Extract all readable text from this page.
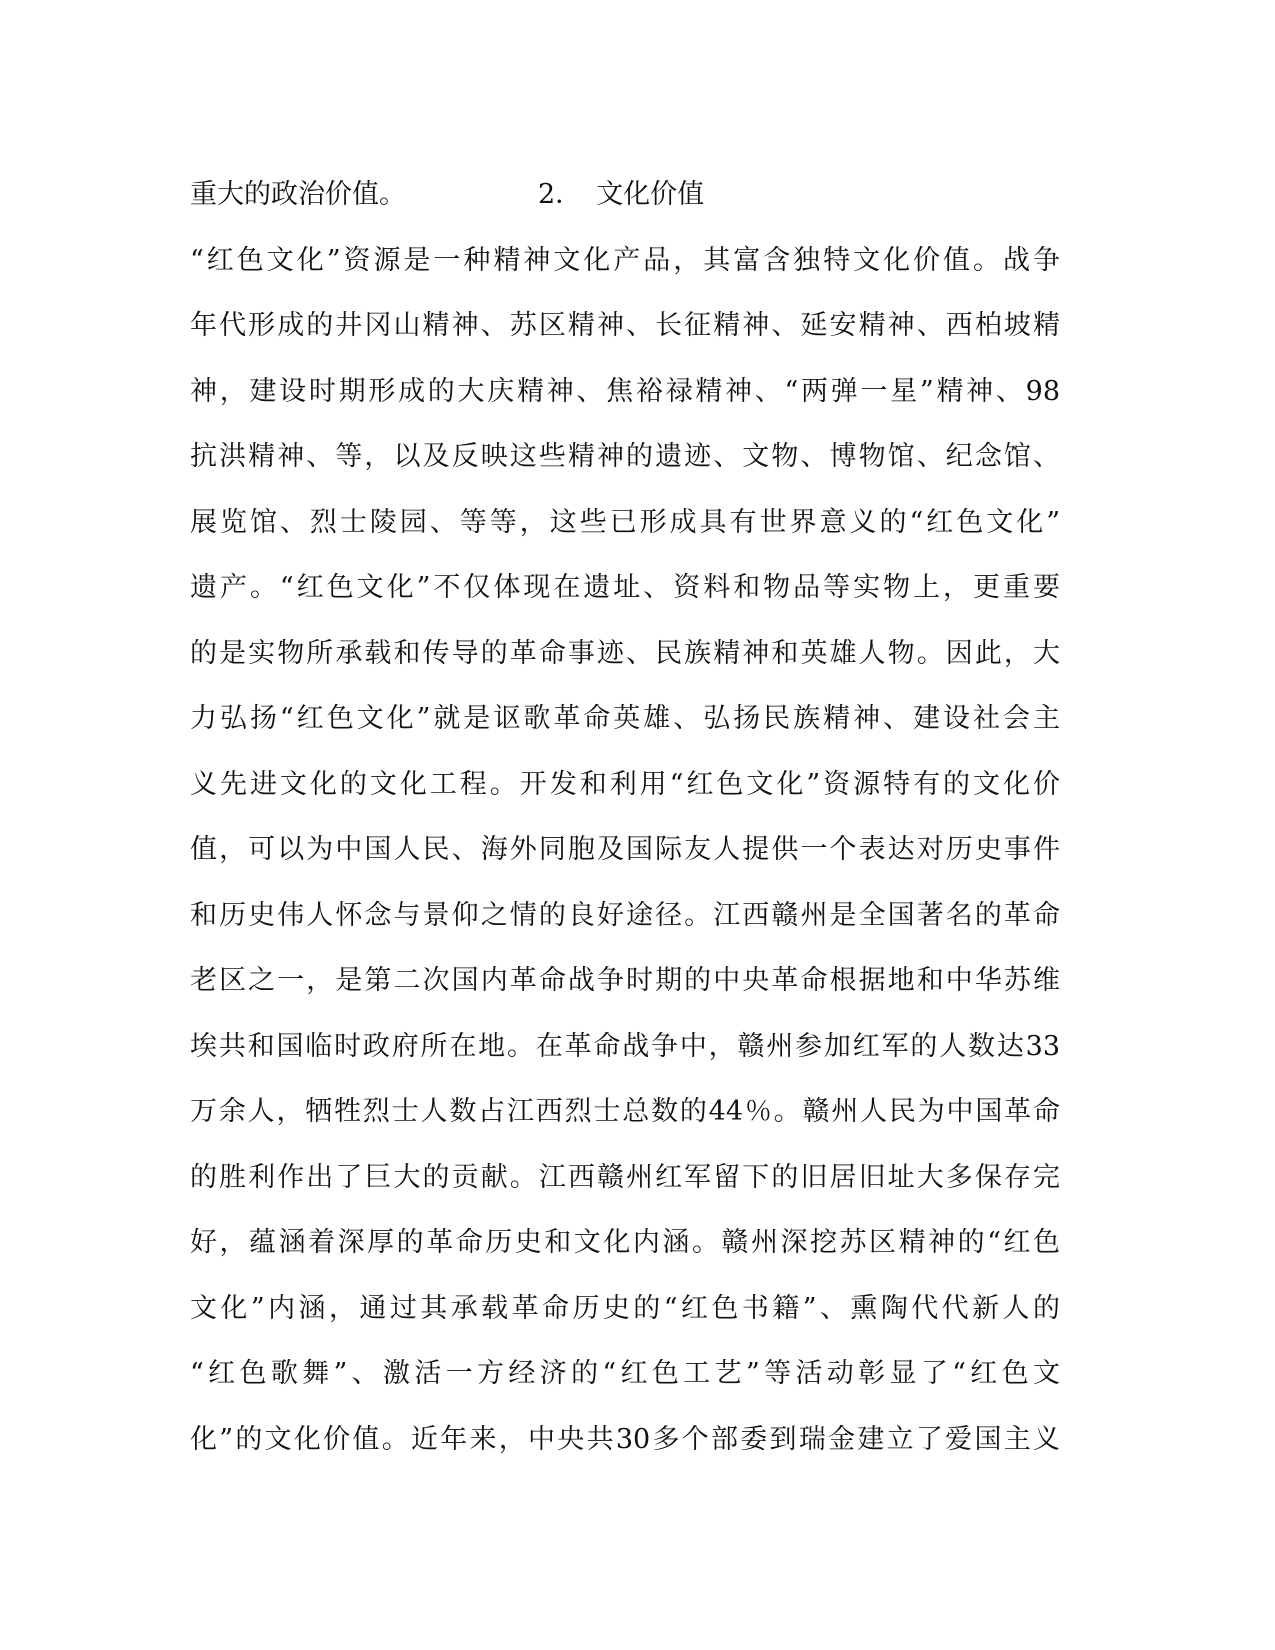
重大的政治价值。	2． 文化价值
“红色文化”资源是一种精神文化产品，其富含独特文化价值。战争
年代形成的井冈山精神、苏区精神、长征精神、延安精神、西柏坡精
神，建设时期形成的大庆精神、焦裕禄精神、“两弹一星”精神、98
抗洪精神、等，以及反映这些精神的遗迹、文物、博物馆、纪念馆、
展览馆、烈士陵园、等等，这些已形成具有世界意义的“红色文化”
遗产。“红色文化”不仅体现在遗址、资料和物品等实物上，更重要
的是实物所承载和传导的革命事迹、民族精神和英雄人物。因此，大
力弘扬“红色文化”就是讴歌革命英雄、弘扬民族精神、建设社会主
义先进文化的文化工程。开发和利用“红色文化”资源特有的文化价
值，可以为中国人民、海外同胞及国际友人提供一个表达对历史事件
和历史伟人怀念与景仰之情的良好途径。江西赣州是全国著名的革命
老区之一，是第二次国内革命战争时期的中央革命根据地和中华苏维
埃共和国临时政府所在地。在革命战争中，赣州参加红军的人数达33
万余人，牺牲烈士人数占江西烈士总数的44％。赣州人民为中国革命
的胜利作出了巨大的贡献。江西赣州红军留下的旧居旧址大多保存完
好，蕴涵着深厚的革命历史和文化内涵。赣州深挖苏区精神的“红色
文化”内涵，通过其承载革命历史的“红色书籍”、熏陶代代新人的
“红色歌舞”、激活一方经济的“红色工艺”等活动彰显了“红色文
化”的文化价值。近年来，中央共30多个部委到瑞金建立了爱国主义
